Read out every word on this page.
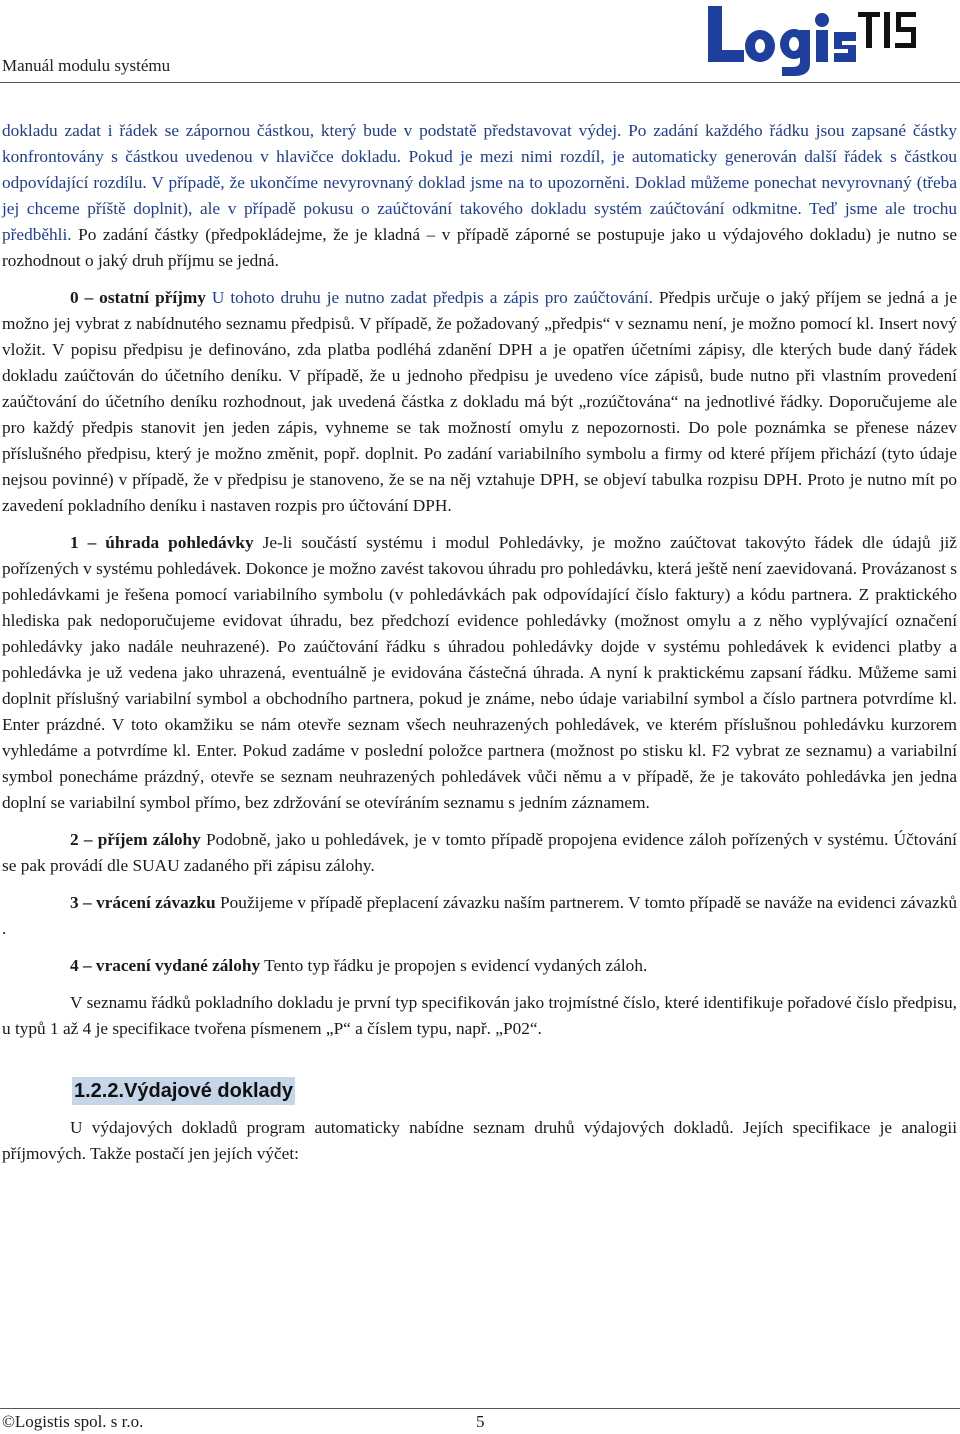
Manuál modulu systému	LogisTIS

dokladu zadat i řádek se zápornou částkou, který bude v podstatě představovat výdej. Po zadání každého řádku jsou zapsané částky konfrontovány s částkou uvedenou v hlavičce dokladu. Pokud je mezi nimi rozdíl, je automaticky generován další řádek s částkou odpovídající rozdílu. V případě, že ukončíme nevyrovnaný doklad jsme na to upozorněni. Doklad můžeme ponechat nevyrovnaný (třeba jej chceme příště doplnit), ale v případě pokusu o zaúčtování takového dokladu systém zaúčtování odkmitne. Teď jsme ale trochu předběhli. Po zadání částky (předpokládejme, že je kladná – v případě záporné se postupuje jako u výdajového dokladu) je nutno se rozhodnout o jaký druh příjmu se jedná.

0 – ostatní příjmy U tohoto druhu je nutno zadat předpis a zápis pro zaúčtování. Předpis určuje o jaký příjem se jedná a je možno jej vybrat z nabídnutého seznamu předpisů. V případě, že požadovaný „předpis“ v seznamu není, je možno pomocí kl. Insert nový vložit. V popisu předpisu je definováno, zda platba podléhá zdanění DPH a je opatřen účetními zápisy, dle kterých bude daný řádek dokladu zaúčtován do účetního deníku. V případě, že u jednoho předpisu je uvedeno více zápisů, bude nutno při vlastním provedení zaúčtování do účetního deníku rozhodnout, jak uvedená částka z dokladu má být „rozúčtována“ na jednotlivé řádky. Doporučujeme ale pro každý předpis stanovit jen jeden zápis, vyhneme se tak možností omylu z nepozornosti. Do pole poznámka se přenese název příslušného předpisu, který je možno změnit, popř. doplnit. Po zadání variabilního symbolu a firmy od které příjem přichází (tyto údaje nejsou povinné) v případě, že v předpisu je stanoveno, že se na něj vztahuje DPH, se objeví tabulka rozpisu DPH. Proto je nutno mít po zavedení pokladního deníku i nastaven rozpis pro účtování DPH.

1 – úhrada pohledávky Je-li součástí systému i modul Pohledávky, je možno zaúčtovat takovýto řádek dle údajů již pořízených v systému pohledávek. Dokonce je možno zavést takovou úhradu pro pohledávku, která ještě není zaevidovaná. Provázanost s pohledávkami je řešena pomocí variabilního symbolu (v pohledávkách pak odpovídající číslo faktury) a kódu partnera. Z praktického hlediska pak nedoporučujeme evidovat úhradu, bez předchozí evidence pohledávky (možnost omylu a z něho vyplývající označení pohledávky jako nadále neuhrazené). Po zaúčtování řádku s úhradou pohledávky dojde v systému pohledávek k evidenci platby a pohledávka je už vedena jako uhrazená, eventuálně je evidována částečná úhrada. A nyní k praktickému zapsaní řádku. Můžeme sami doplnit příslušný variabilní symbol a obchodního partnera, pokud je známe, nebo údaje variabilní symbol a číslo partnera potvrdíme kl. Enter prázdné. V toto okamžiku se nám otevře seznam všech neuhrazených pohledávek, ve kterém příslušnou pohledávku kurzorem vyhledáme a potvrdíme kl. Enter. Pokud zadáme v poslední položce partnera (možnost po stisku kl. F2 vybrat ze seznamu) a variabilní symbol ponecháme prázdný, otevře se seznam neuhrazených pohledávek vůči němu a v případě, že je takováto pohledávka jen jedna doplní se variabilní symbol přímo, bez zdržování se otevíráním seznamu s jedním záznamem.

2 – příjem zálohy Podobně, jako u pohledávek, je v tomto případě propojena evidence záloh pořízených v systému. Účtování se pak provádí dle SUAU zadaného při zápisu zálohy.

3 – vrácení závazku Použijeme v případě přeplacení závazku naším partnerem. V tomto případě se naváže na evidenci závazků .

4 – vracení vydané zálohy Tento typ řádku je propojen s evidencí vydaných záloh.

V seznamu řádků pokladního dokladu je první typ specifikován jako trojmístné číslo, které identifikuje pořadové číslo předpisu, u typů 1 až 4 je specifikace tvořena písmenem „P“ a číslem typu, např. „P02“.

1.2.2.Výdajové doklady

U výdajových dokladů program automaticky nabídne seznam druhů výdajových dokladů. Jejích specifikace je analogii příjmových. Takže postačí jen jejích výčet:

©Logistis spol. s r.o.	5
